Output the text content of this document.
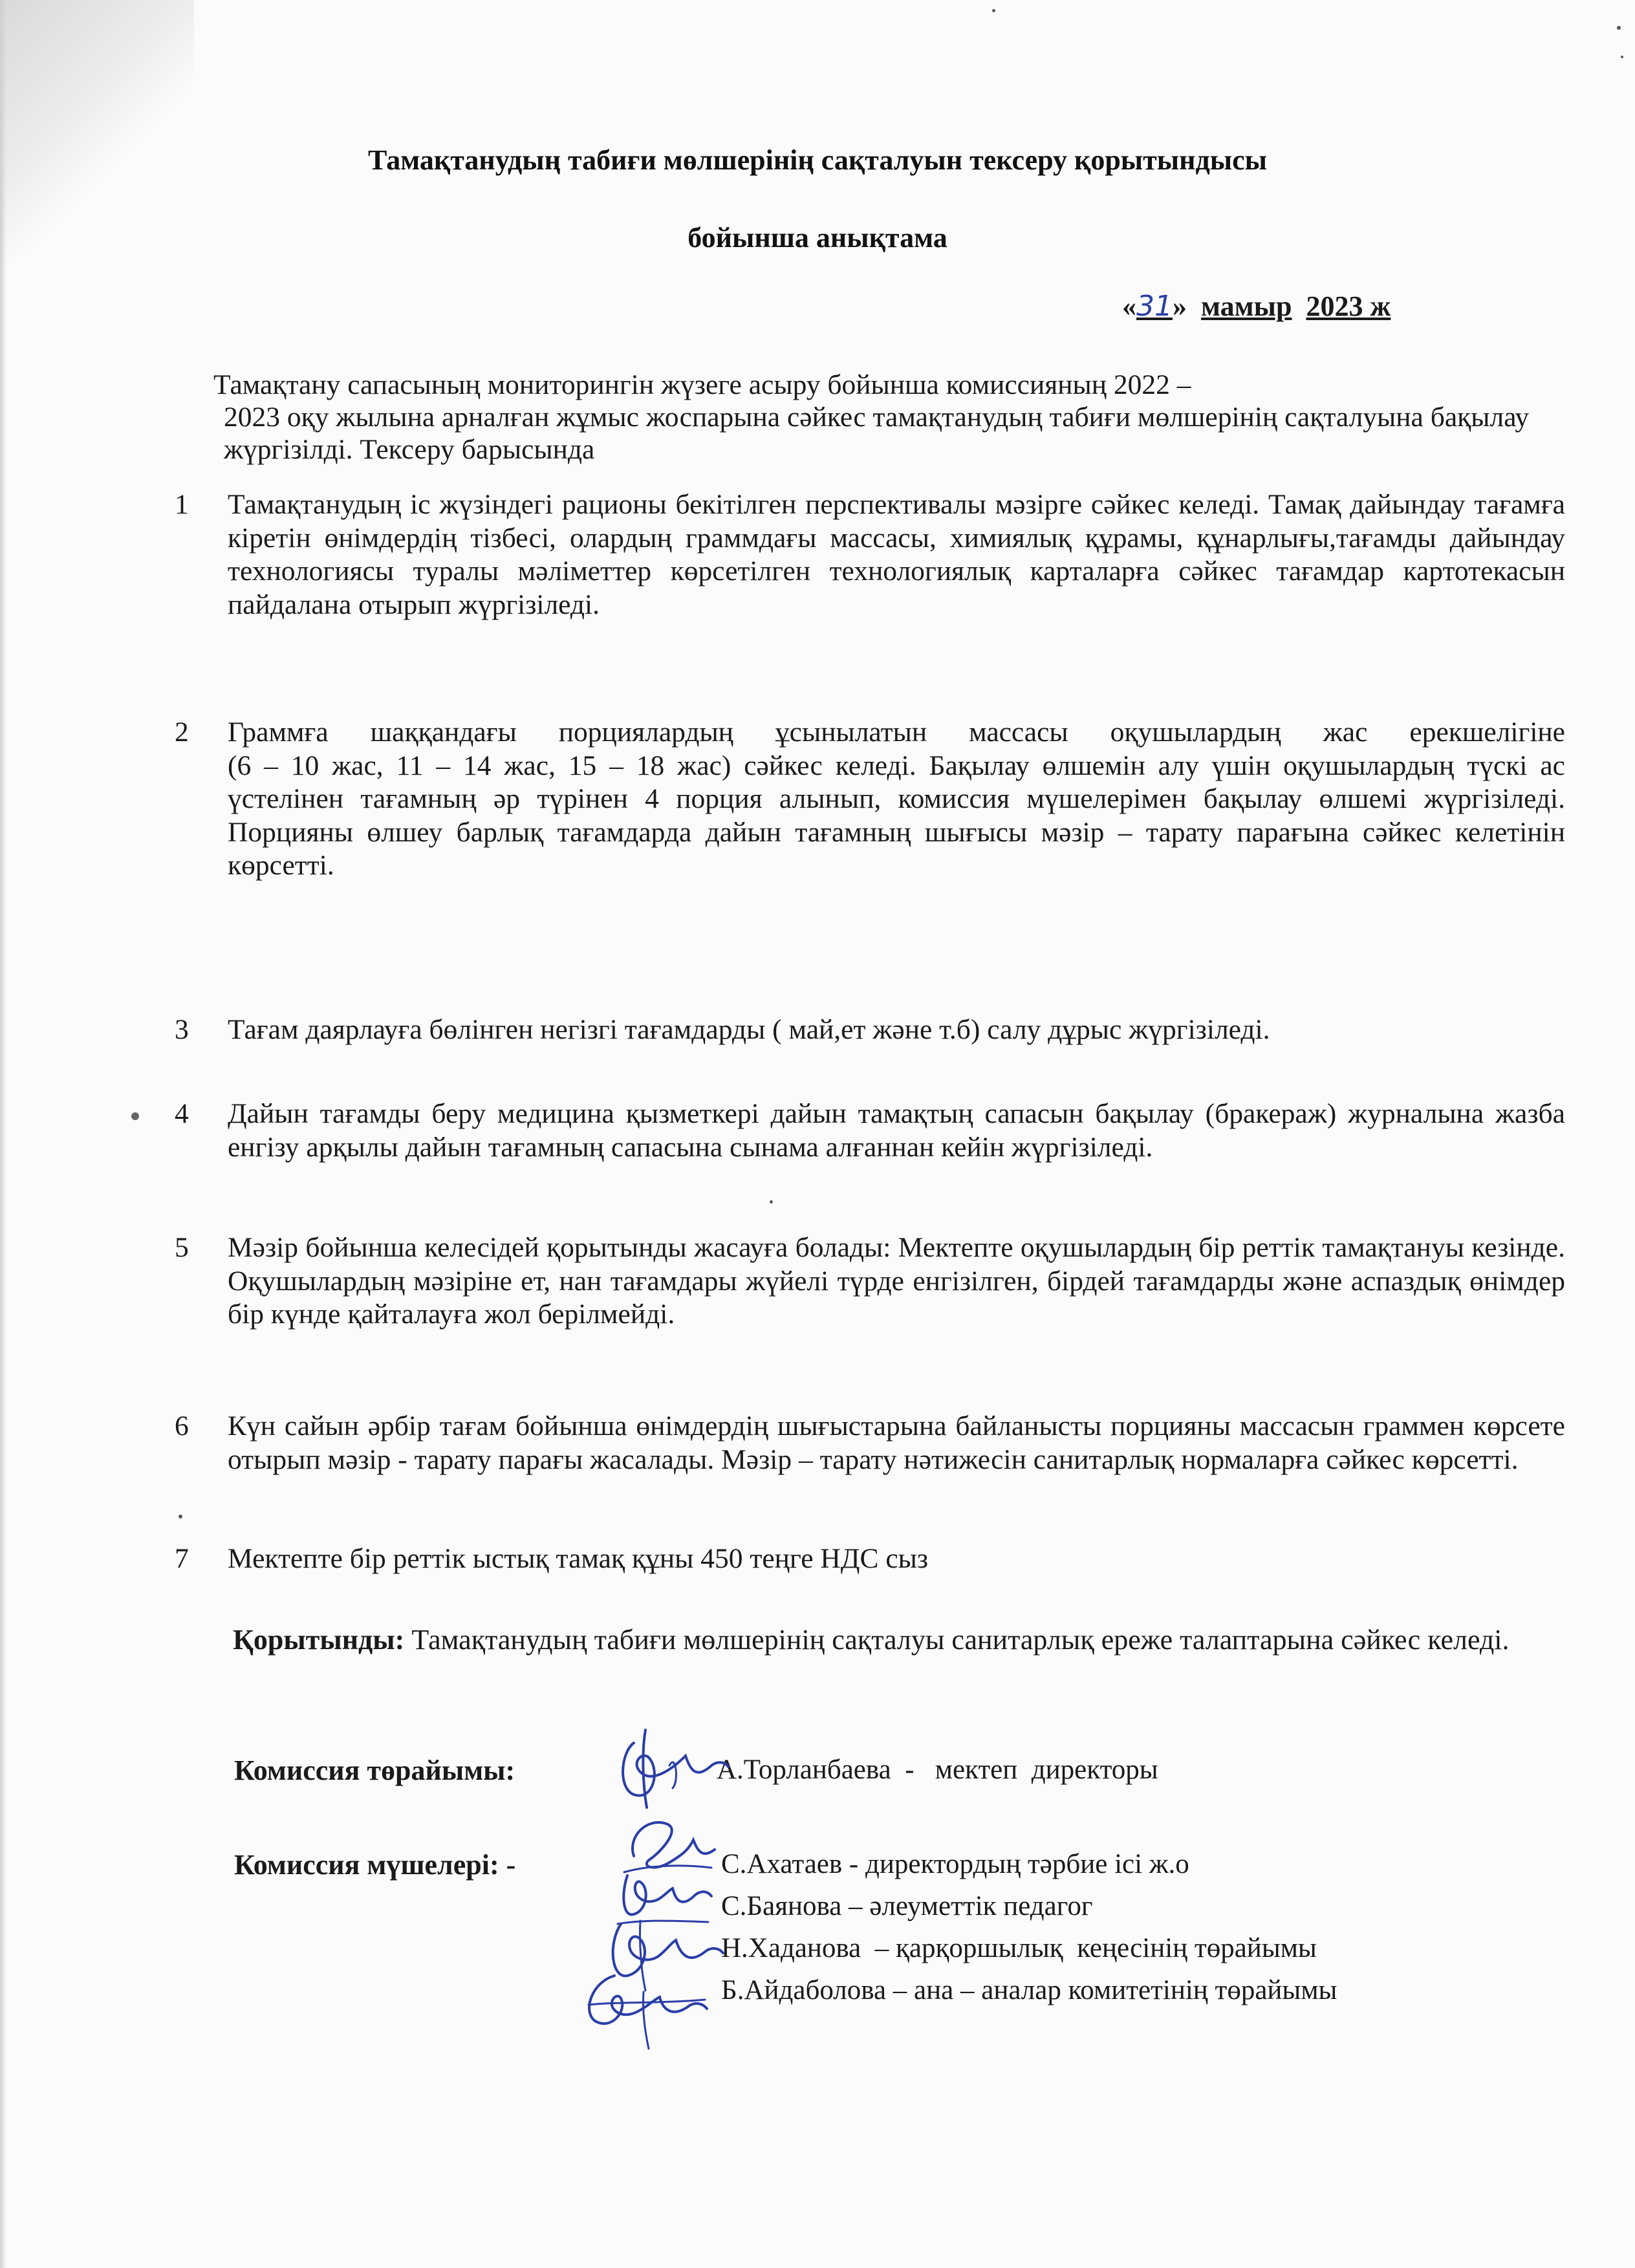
Тамақтанудың табиғи мөлшерінің сақталуын тексеру қорытындысы
бойынша анықтама
«31» мамыр 2023 ж
Тамақтану сапасының мониторингін жүзеге асыру бойынша комиссияның 2022 –
2023 оқу жылына арналған жұмыс жоспарына сәйкес тамақтанудың табиғи мөлшерінің сақталуына бақылау жүргізілді. Тексеру барысында
1	Тамақтанудың іс жүзіндегі рационы бекітілген перспективалы мәзірге сәйкес келеді. Тамақ дайындау тағамға кіретін өнімдердің тізбесі, олардың граммдағы массасы, химиялық құрамы, құнарлығы,тағамды дайындау технологиясы туралы мәліметтер көрсетілген технологиялық карталарға сәйкес тағамдар картотекасын пайдалана отырып жүргізіледі.
2	Граммға шаққандағы порциялардың ұсынылатын массасы оқушылардың жас ерекшелігіне
(6 – 10 жас, 11 – 14 жас, 15 – 18 жас) сәйкес келеді. Бақылау өлшемін алу үшін оқушылардың түскі ас үстелінен тағамның әр түрінен 4 порция алынып, комиссия мүшелерімен бақылау өлшемі жүргізіледі. Порцияны өлшеу барлық тағамдарда дайын тағамның шығысы мәзір – тарату парағына сәйкес келетінін көрсетті.
3	Тағам даярлауға бөлінген негізгі тағамдарды ( май,ет және т.б) салу дұрыс жүргізіледі.
4	Дайын тағамды беру медицина қызметкері дайын тамақтың сапасын бақылау (бракераж) журналына жазба енгізу арқылы дайын тағамның сапасына сынама алғаннан кейін жүргізіледі.
5	Мәзір бойынша келесідей қорытынды жасауға болады: Мектепте оқушылардың бір реттік тамақтануы кезінде. Оқушылардың мәзіріне ет, нан тағамдары жүйелі түрде енгізілген, бірдей тағамдарды және аспаздық өнімдер бір күнде қайталауға жол берілмейді.
6	Күн сайын әрбір тағам бойынша өнімдердің шығыстарына байланысты порцияны массасын граммен көрсете отырып мәзір - тарату парағы жасалады. Мәзір – тарату нәтижесін санитарлық нормаларға сәйкес көрсетті.
7	Мектепте бір реттік ыстық тамақ құны 450 теңге НДС сыз
Қорытынды: Тамақтанудың табиғи мөлшерінің сақталуы санитарлық ереже талаптарына сәйкес келеді.
Комиссия төрайымы:	А.Торланбаева  -   мектеп  директоры
Комиссия мүшелері: -	С.Ахатаев - директордың тәрбие ісі ж.о
С.Баянова – әлеуметтік педагог
Н.Хаданова  – қарқоршылық  кеңесінің төрайымы
Б.Айдаболова – ана – аналар комитетінің төрайымы
